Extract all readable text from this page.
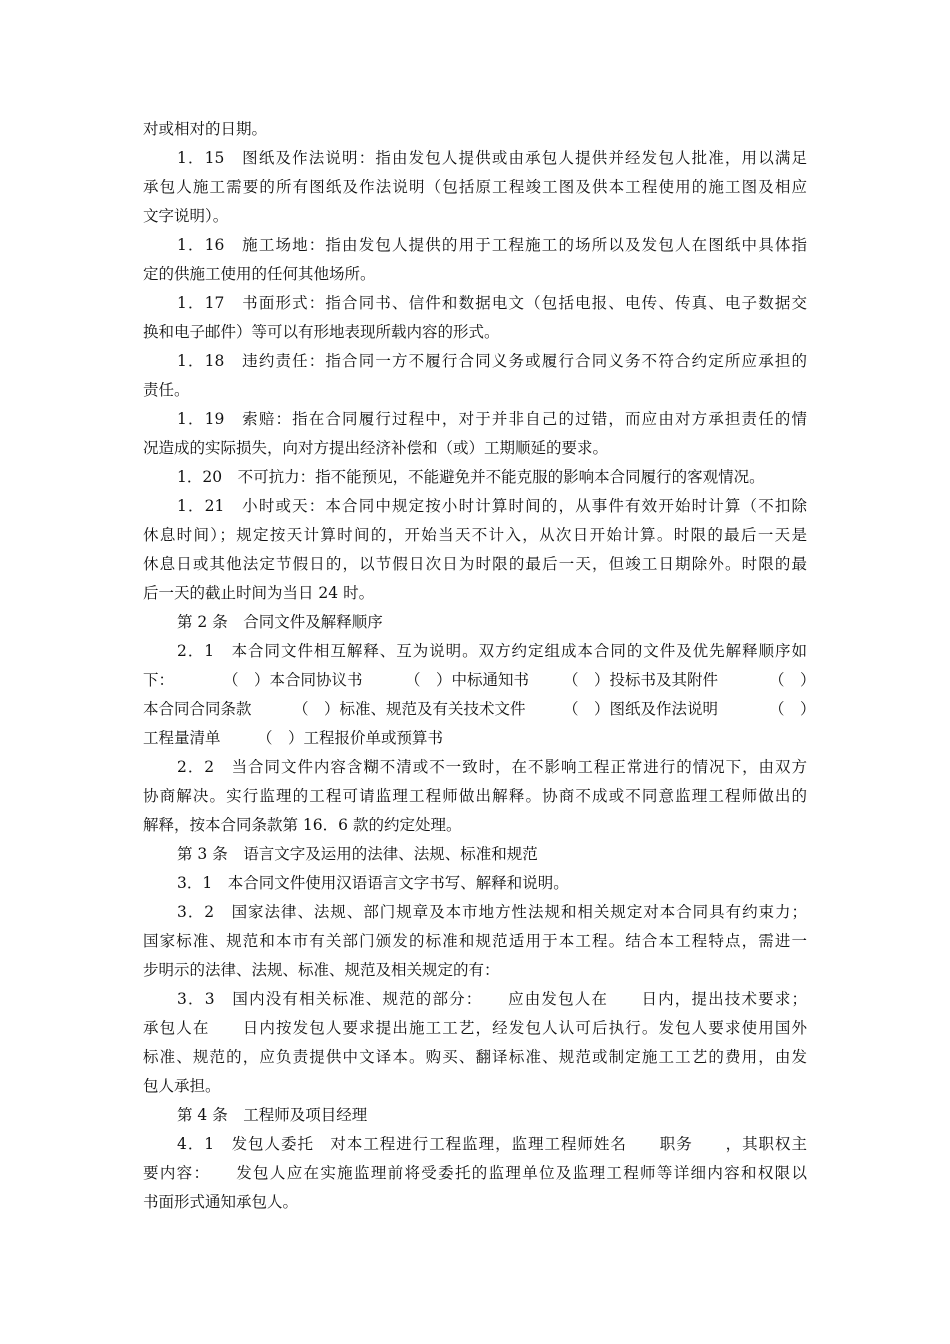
对或相对的日期。
1．15　图纸及作法说明：指由发包人提供或由承包人提供并经发包人批准，用以满足
承包人施工需要的所有图纸及作法说明（包括原工程竣工图及供本工程使用的施工图及相应
文字说明）。
1．16　施工场地：指由发包人提供的用于工程施工的场所以及发包人在图纸中具体指
定的供施工使用的任何其他场所。
1．17　书面形式：指合同书、信件和数据电文（包括电报、电传、传真、电子数据交
换和电子邮件）等可以有形地表现所载内容的形式。
1．18　违约责任：指合同一方不履行合同义务或履行合同义务不符合约定所应承担的
责任。
1．19　索赔：指在合同履行过程中，对于并非自己的过错，而应由对方承担责任的情
况造成的实际损失，向对方提出经济补偿和（或）工期顺延的要求。
1．20　不可抗力：指不能预见，不能避免并不能克服的影响本合同履行的客观情况。
1．21　小时或天：本合同中规定按小时计算时间的，从事件有效开始时计算（不扣除
休息时间）；规定按天计算时间的，开始当天不计入，从次日开始计算。时限的最后一天是
休息日或其他法定节假日的，以节假日次日为时限的最后一天，但竣工日期除外。时限的最
后一天的截止时间为当日 24 时。
第 2 条　合同文件及解释顺序
2．1　本合同文件相互解释、互为说明。双方约定组成本合同的文件及优先解释顺序如
下：	（　）本合同协议书	（　）中标通知书 （　）投标书及其附件	（　）
本合同合同条款	（　）标准、规范及有关技术文件 （　）图纸及作法说明	（　）
工程量清单 （　）工程报价单或预算书
2．2　当合同文件内容含糊不清或不一致时，在不影响工程正常进行的情况下，由双方
协商解决。实行监理的工程可请监理工程师做出解释。协商不成或不同意监理工程师做出的
解释，按本合同条款第 16．6 款的约定处理。
第 3 条　语言文字及运用的法律、法规、标准和规范
3．1　本合同文件使用汉语语言文字书写、解释和说明。
3．2　国家法律、法规、部门规章及本市地方性法规和相关规定对本合同具有约束力；
国家标准、规范和本市有关部门颁发的标准和规范适用于本工程。结合本工程特点，需进一
步明示的法律、法规、标准、规范及相关规定的有：
3．3　国内没有相关标准、规范的部分：　　应由发包人在　　日内，提出技术要求；
承包人在　　日内按发包人要求提出施工工艺，经发包人认可后执行。发包人要求使用国外
标准、规范的，应负责提供中文译本。购买、翻译标准、规范或制定施工工艺的费用，由发
包人承担。
第 4 条　工程师及项目经理
4．1　发包人委托　对本工程进行工程监理，监理工程师姓名　　职务　　，其职权主
要内容：　　发包人应在实施监理前将受委托的监理单位及监理工程师等详细内容和权限以
书面形式通知承包人。
